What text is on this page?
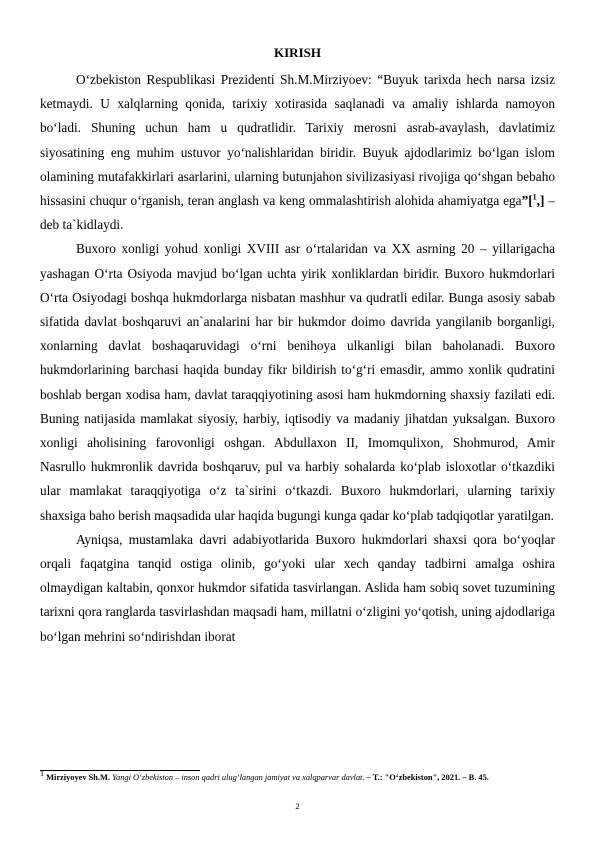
KIRISH

O‘zbekiston Respublikasi Prezidenti Sh.M.Mirziyoev: “Buyuk tarixda hech narsa izsiz ketmaydi. U xalqlarning qonida, tarixiy xotirasida saqlanadi va amaliy ishlarda namoyon bo‘ladi. Shuning uchun ham u qudratlidir. Tarixiy merosni asrab-avaylash, davlatimiz siyosatining eng muhim ustuvor yo‘nalishlaridan biridir. Buyuk ajdodlarimiz bo‘lgan islom olamining mutafakkirlari asarlarini, ularning butunjahon sivilizasiyasi rivojiga qo‘shgan bebaho hissasini chuqur o‘rganish, teran anglash va keng ommalashtirish alohida ahamiyatga ega”[$^1$,] – deb ta`kidlaydi.

Buxoro xonligi yohud xonligi XVIII asr o‘rtalaridan va XX asrning 20 – yillarigacha yashagan O‘rta Osiyoda mavjud bo‘lgan uchta yirik xonliklardan biridir. Buxoro hukmdorlari O‘rta Osiyodagi boshqa hukmdorlarga nisbatan mashhur va qudratli edilar. Bunga asosiy sabab sifatida davlat boshqaruvi an`analarini har bir hukmdor doimo davrida yangilanib borganligi, xonlarning davlat boshaqaruvidagi o‘rni benihoya ulkanligi bilan baholanadi. Buxoro hukmdorlarining barchasi haqida bunday fikr bildirish to‘g‘ri emasdir, ammo xonlik qudratini boshlab bergan xodisa ham, davlat taraqqiyotining asosi ham hukmdorning shaxsiy fazilati edi. Buning natijasida mamlakat siyosiy, harbiy, iqtisodiy va madaniy jihatdan yuksalgan. Buxoro xonligi aholisining farovonligi oshgan. Abdullaxon II, Imomqulixon, Shohmurod, Amir Nasrullo hukmronlik davrida boshqaruv, pul va harbiy sohalarda ko‘plab isloxotlar o‘tkazdiki ular mamlakat taraqqiyotiga o‘z ta`sirini o‘tkazdi. Buxoro hukmdorlari, ularning tarixiy shaxsiga baho berish maqsadida ular haqida bugungi kunga qadar ko‘plab tadqiqotlar yaratilgan.

Ayniqsa, mustamlaka davri adabiyotlarida Buxoro hukmdorlari shaxsi qora bo‘yoqlar orqali faqatgina tanqid ostiga olinib, go‘yoki ular xech qanday tadbirni amalga oshira olmaydigan kaltabin, qonxor hukmdor sifatida tasvirlangan. Aslida ham sobiq sovet tuzumining tarixni qora ranglarda tasvirlashdan maqsadi ham, millatni o‘zligini yo‘qotish, uning ajdodlariga bo‘lgan mehrini so‘ndirishdan iborat

1 Mirziyoyev Sh.M. Yangi O‘zbekiston – inson qadri ulug‘langan jamiyat va xalqparvar davlat. – T.: "O‘zbekiston", 2021. – B. 45.
2
